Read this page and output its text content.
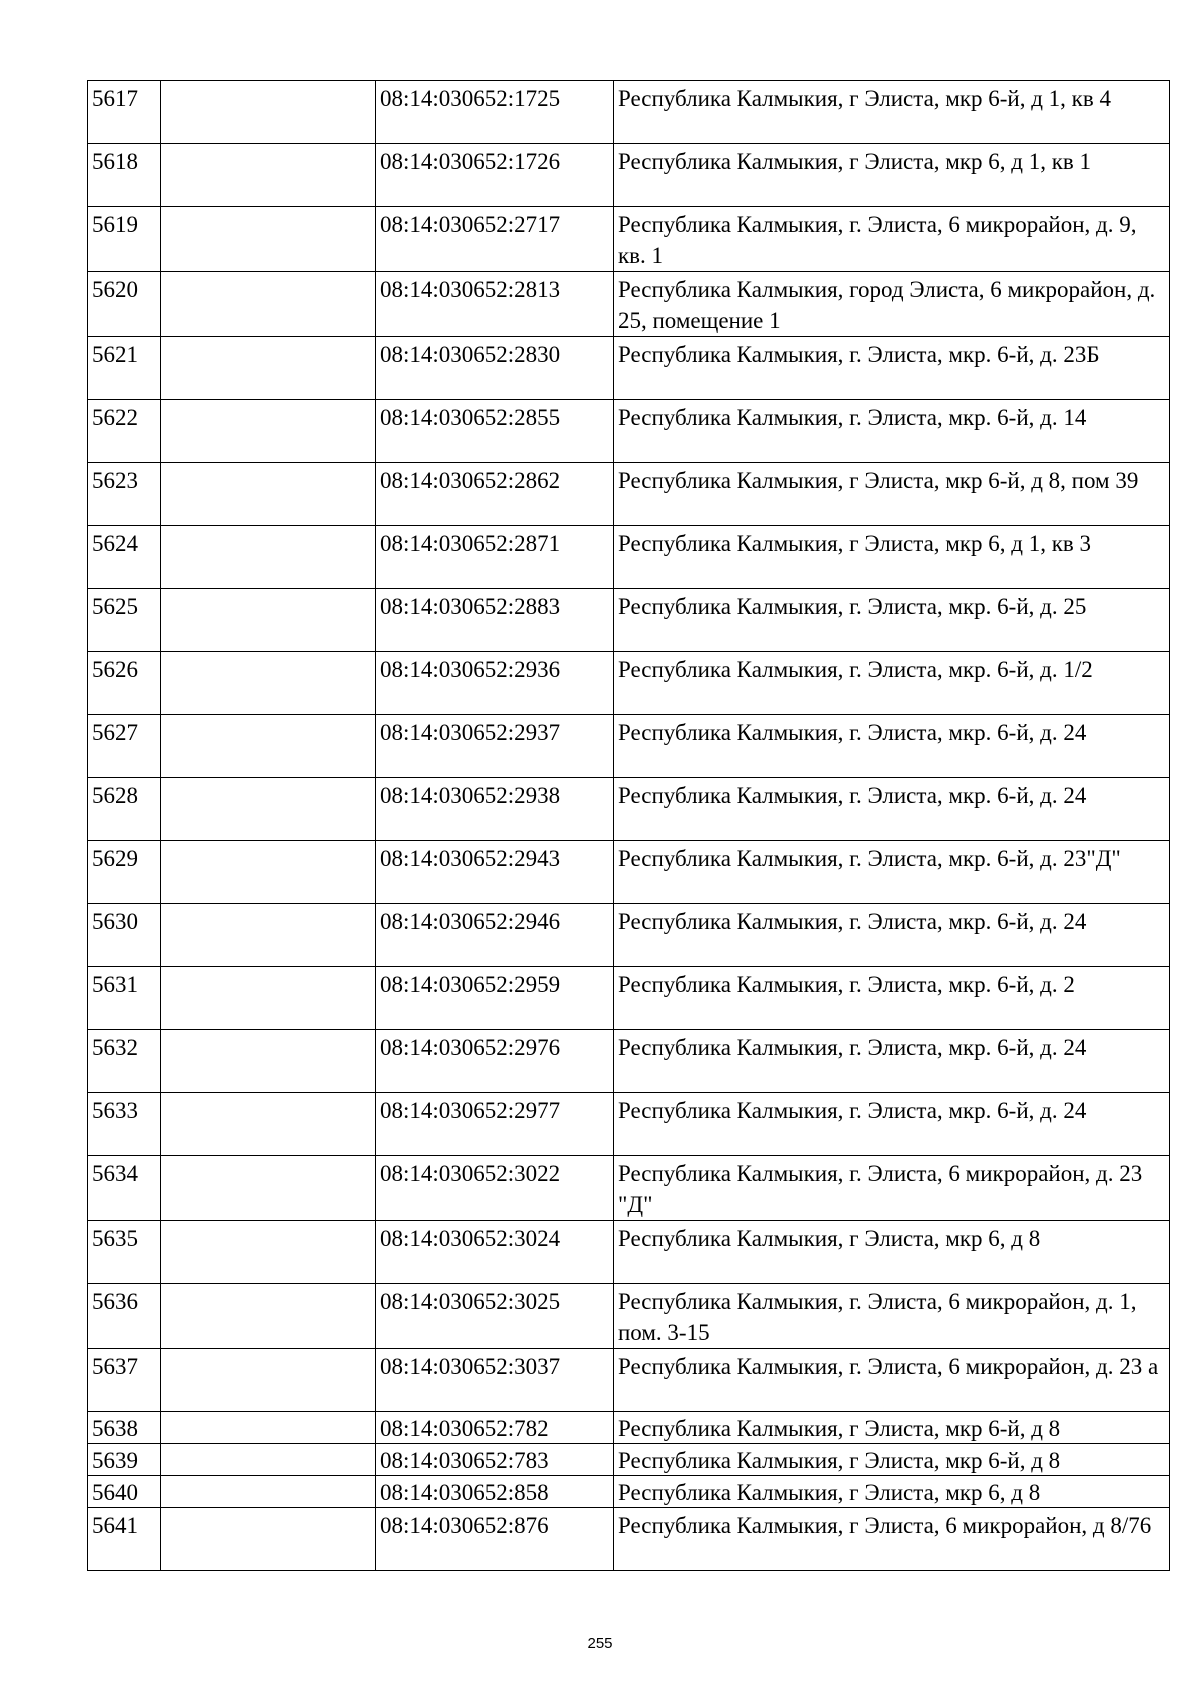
5617		08:14:030652:1725	Республика Калмыкия, г Элиста, мкр 6-й, д 1, кв 4
5618		08:14:030652:1726	Республика Калмыкия, г Элиста, мкр 6, д 1, кв 1
5619		08:14:030652:2717	Республика Калмыкия, г. Элиста, 6 микрорайон, д. 9, кв. 1
5620		08:14:030652:2813	Республика Калмыкия, город Элиста, 6 микрорайон, д. 25, помещение 1
5621		08:14:030652:2830	Республика Калмыкия, г. Элиста, мкр. 6-й, д. 23Б
5622		08:14:030652:2855	Республика Калмыкия, г. Элиста, мкр. 6-й, д. 14
5623		08:14:030652:2862	Республика Калмыкия, г Элиста, мкр 6-й, д 8, пом 39
5624		08:14:030652:2871	Республика Калмыкия, г Элиста, мкр 6, д 1, кв 3
5625		08:14:030652:2883	Республика Калмыкия, г. Элиста, мкр. 6-й, д. 25
5626		08:14:030652:2936	Республика Калмыкия, г. Элиста, мкр. 6-й, д. 1/2
5627		08:14:030652:2937	Республика Калмыкия, г. Элиста, мкр. 6-й, д. 24
5628		08:14:030652:2938	Республика Калмыкия, г. Элиста, мкр. 6-й, д. 24
5629		08:14:030652:2943	Республика Калмыкия, г. Элиста, мкр. 6-й, д. 23"Д"
5630		08:14:030652:2946	Республика Калмыкия, г. Элиста, мкр. 6-й, д. 24
5631		08:14:030652:2959	Республика Калмыкия, г. Элиста, мкр. 6-й, д. 2
5632		08:14:030652:2976	Республика Калмыкия, г. Элиста, мкр. 6-й, д. 24
5633		08:14:030652:2977	Республика Калмыкия, г. Элиста, мкр. 6-й, д. 24
5634		08:14:030652:3022	Республика Калмыкия, г. Элиста, 6 микрорайон, д. 23 "Д"
5635		08:14:030652:3024	Республика Калмыкия, г Элиста, мкр 6, д 8
5636		08:14:030652:3025	Республика Калмыкия, г. Элиста, 6 микрорайон, д. 1, пом. 3-15
5637		08:14:030652:3037	Республика Калмыкия, г. Элиста, 6 микрорайон, д. 23 а
5638		08:14:030652:782	Республика Калмыкия, г Элиста, мкр 6-й, д 8
5639		08:14:030652:783	Республика Калмыкия, г Элиста, мкр 6-й, д 8
5640		08:14:030652:858	Республика Калмыкия, г Элиста, мкр 6, д 8
5641		08:14:030652:876	Республика Калмыкия, г Элиста, 6 микрорайон, д 8/76
255
